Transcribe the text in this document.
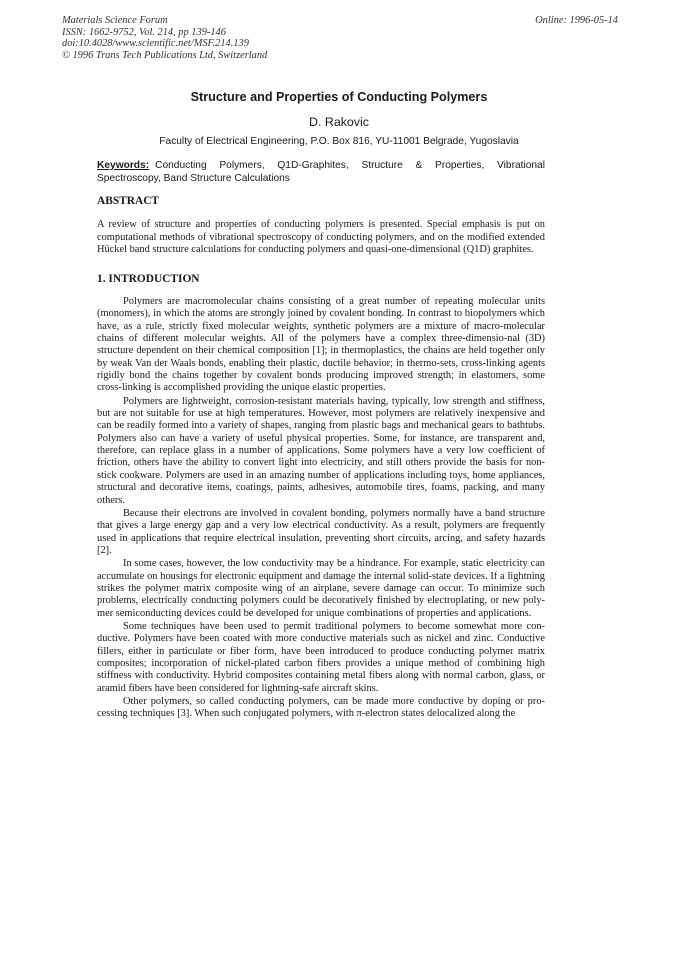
Materials Science Forum
ISSN: 1662-9752, Vol. 214, pp 139-146
doi:10.4028/www.scientific.net/MSF.214.139
© 1996 Trans Tech Publications Ltd, Switzerland
Online: 1996-05-14
Structure and Properties of Conducting Polymers
D. Rakovic
Faculty of Electrical Engineering, P.O. Box 816, YU-11001 Belgrade, Yugoslavia
Keywords: Conducting Polymers, Q1D-Graphites, Structure & Properties, Vibrational Spectroscopy, Band Structure Calculations
ABSTRACT
A review of structure and properties of conducting polymers is presented. Special emphasis is put on computational methods of vibrational spectroscopy of conducting polymers, and on the modified extended Hückel band structure calculations for conducting polymers and quasi-one-dimensional (Q1D) graphites.
1. INTRODUCTION

Polymers are macromolecular chains consisting of a great number of repeating molecular units (monomers), in which the atoms are strongly joined by covalent bonding. In contrast to biopolymers which have, as a rule, strictly fixed molecular weights, synthetic polymers are a mixture of macro-molecular chains of different molecular weights. All of the polymers have a complex three-dimensio-nal (3D) structure dependent on their chemical composition [1]; in thermoplastics, the chains are held together only by weak Van der Waals bonds, enabling their plastic, ductile behavior; in thermo-sets, cross-linking agents rigidly bond the chains together by covalent bonds producing improved strength; in elastomers, some cross-linking is accomplished providing the unique elastic properties.

Polymers are lightweight, corrosion-resistant materials having, typically, low strength and stiffness, but are not suitable for use at high temperatures. However, most polymers are relatively inexpensive and can be readily formed into a variety of shapes, ranging from plastic bags and mechanical gears to bathtubs. Polymers also can have a variety of useful physical properties. Some, for instance, are transparent and, therefore, can replace glass in a number of applications. Some polymers have a very low coefficient of friction, others have the ability to convert light into electricity, and still others provide the basis for non-stick cookware. Polymers are used in an amazing number of applications including toys, home appliances, structural and decorative items, coatings, paints, adhesives, automobile tires, foams, packing, and many others.

Because their electrons are involved in covalent bonding, polymers normally have a band structure that gives a large energy gap and a very low electrical conductivity. As a result, polymers are frequently used in applications that require electrical insulation, preventing short circuits, arcing, and safety hazards [2].

In some cases, however, the low conductivity may be a hindrance. For example, static electricity can accumulate on housings for electronic equipment and damage the internal solid-state devices. If a lightning strikes the polymer matrix composite wing of an airplane, severe damage can occur. To minimize such problems, electrically conducting polymers could be decoratively finished by electroplating, or new poly-mer semiconducting devices could be developed for unique combinations of properties and applications.

Some techniques have been used to permit traditional polymers to become somewhat more con-ductive. Polymers have been coated with more conductive materials such as nickel and zinc. Conductive fillers, either in particulate or fiber form, have been introduced to produce conducting polymer matrix composites; incorporation of nickel-plated carbon fibers provides a unique method of combining high stiffness with conductivity. Hybrid composites containing metal fibers along with normal carbon, glass, or aramid fibers have been considered for lightning-safe aircraft skins.

Other polymers, so called conducting polymers, can be made more conductive by doping or pro-cessing techniques [3]. When such conjugated polymers, with π-electron states delocalized along the
